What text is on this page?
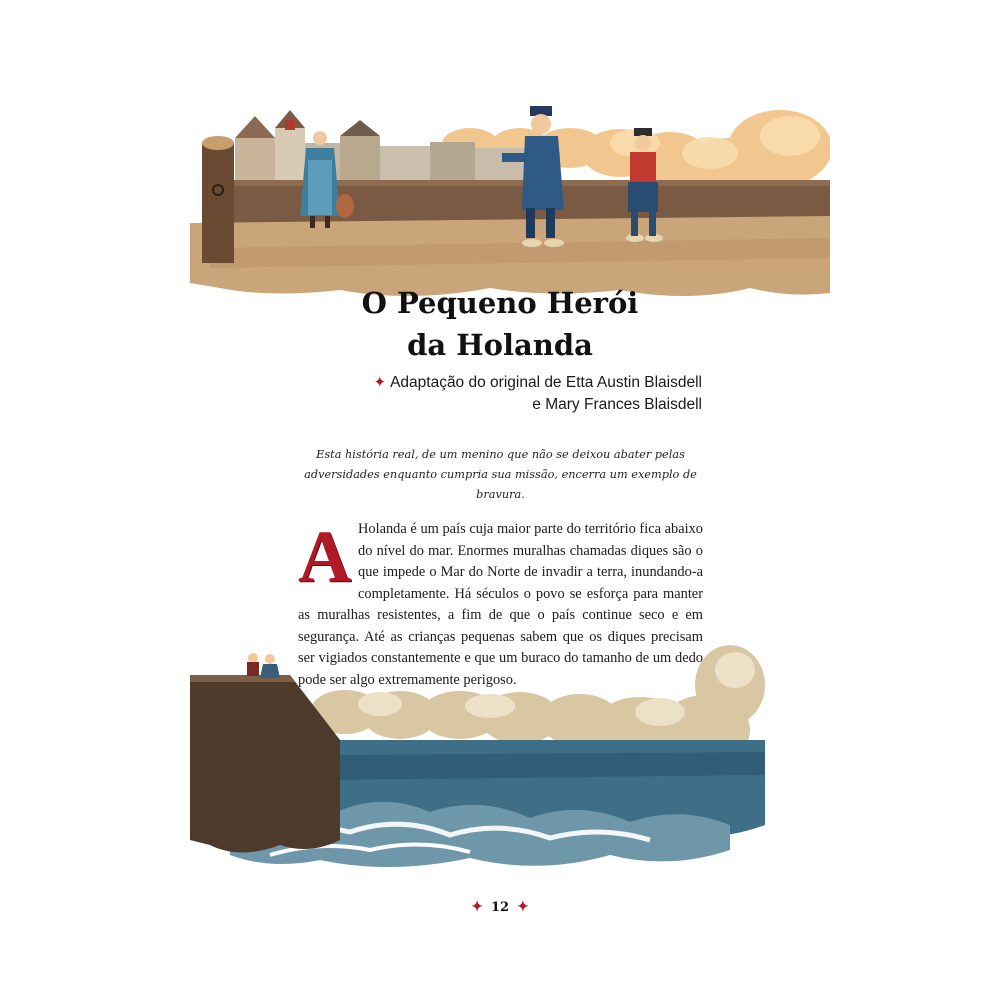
O Pequeno Herói
da Holanda
✦ Adaptação do original de Etta Austin Blaisdell
e Mary Frances Blaisdell
Esta história real, de um menino que não se deixou abater pelas adversidades enquanto cumpria sua missão, encerra um exemplo de bravura.
A Holanda é um país cuja maior parte do território fica abaixo do nível do mar. Enormes muralhas chamadas diques são o que impede o Mar do Norte de invadir a terra, inundando-a completamente. Há séculos o povo se esforça para manter as muralhas resistentes, a fim de que o país continue seco e em segurança. Até as crianças pequenas sabem que os diques precisam ser vigiados constantemente e que um buraco do tamanho de um dedo pode ser algo extremamente perigoso.

✦ 12 ✦
